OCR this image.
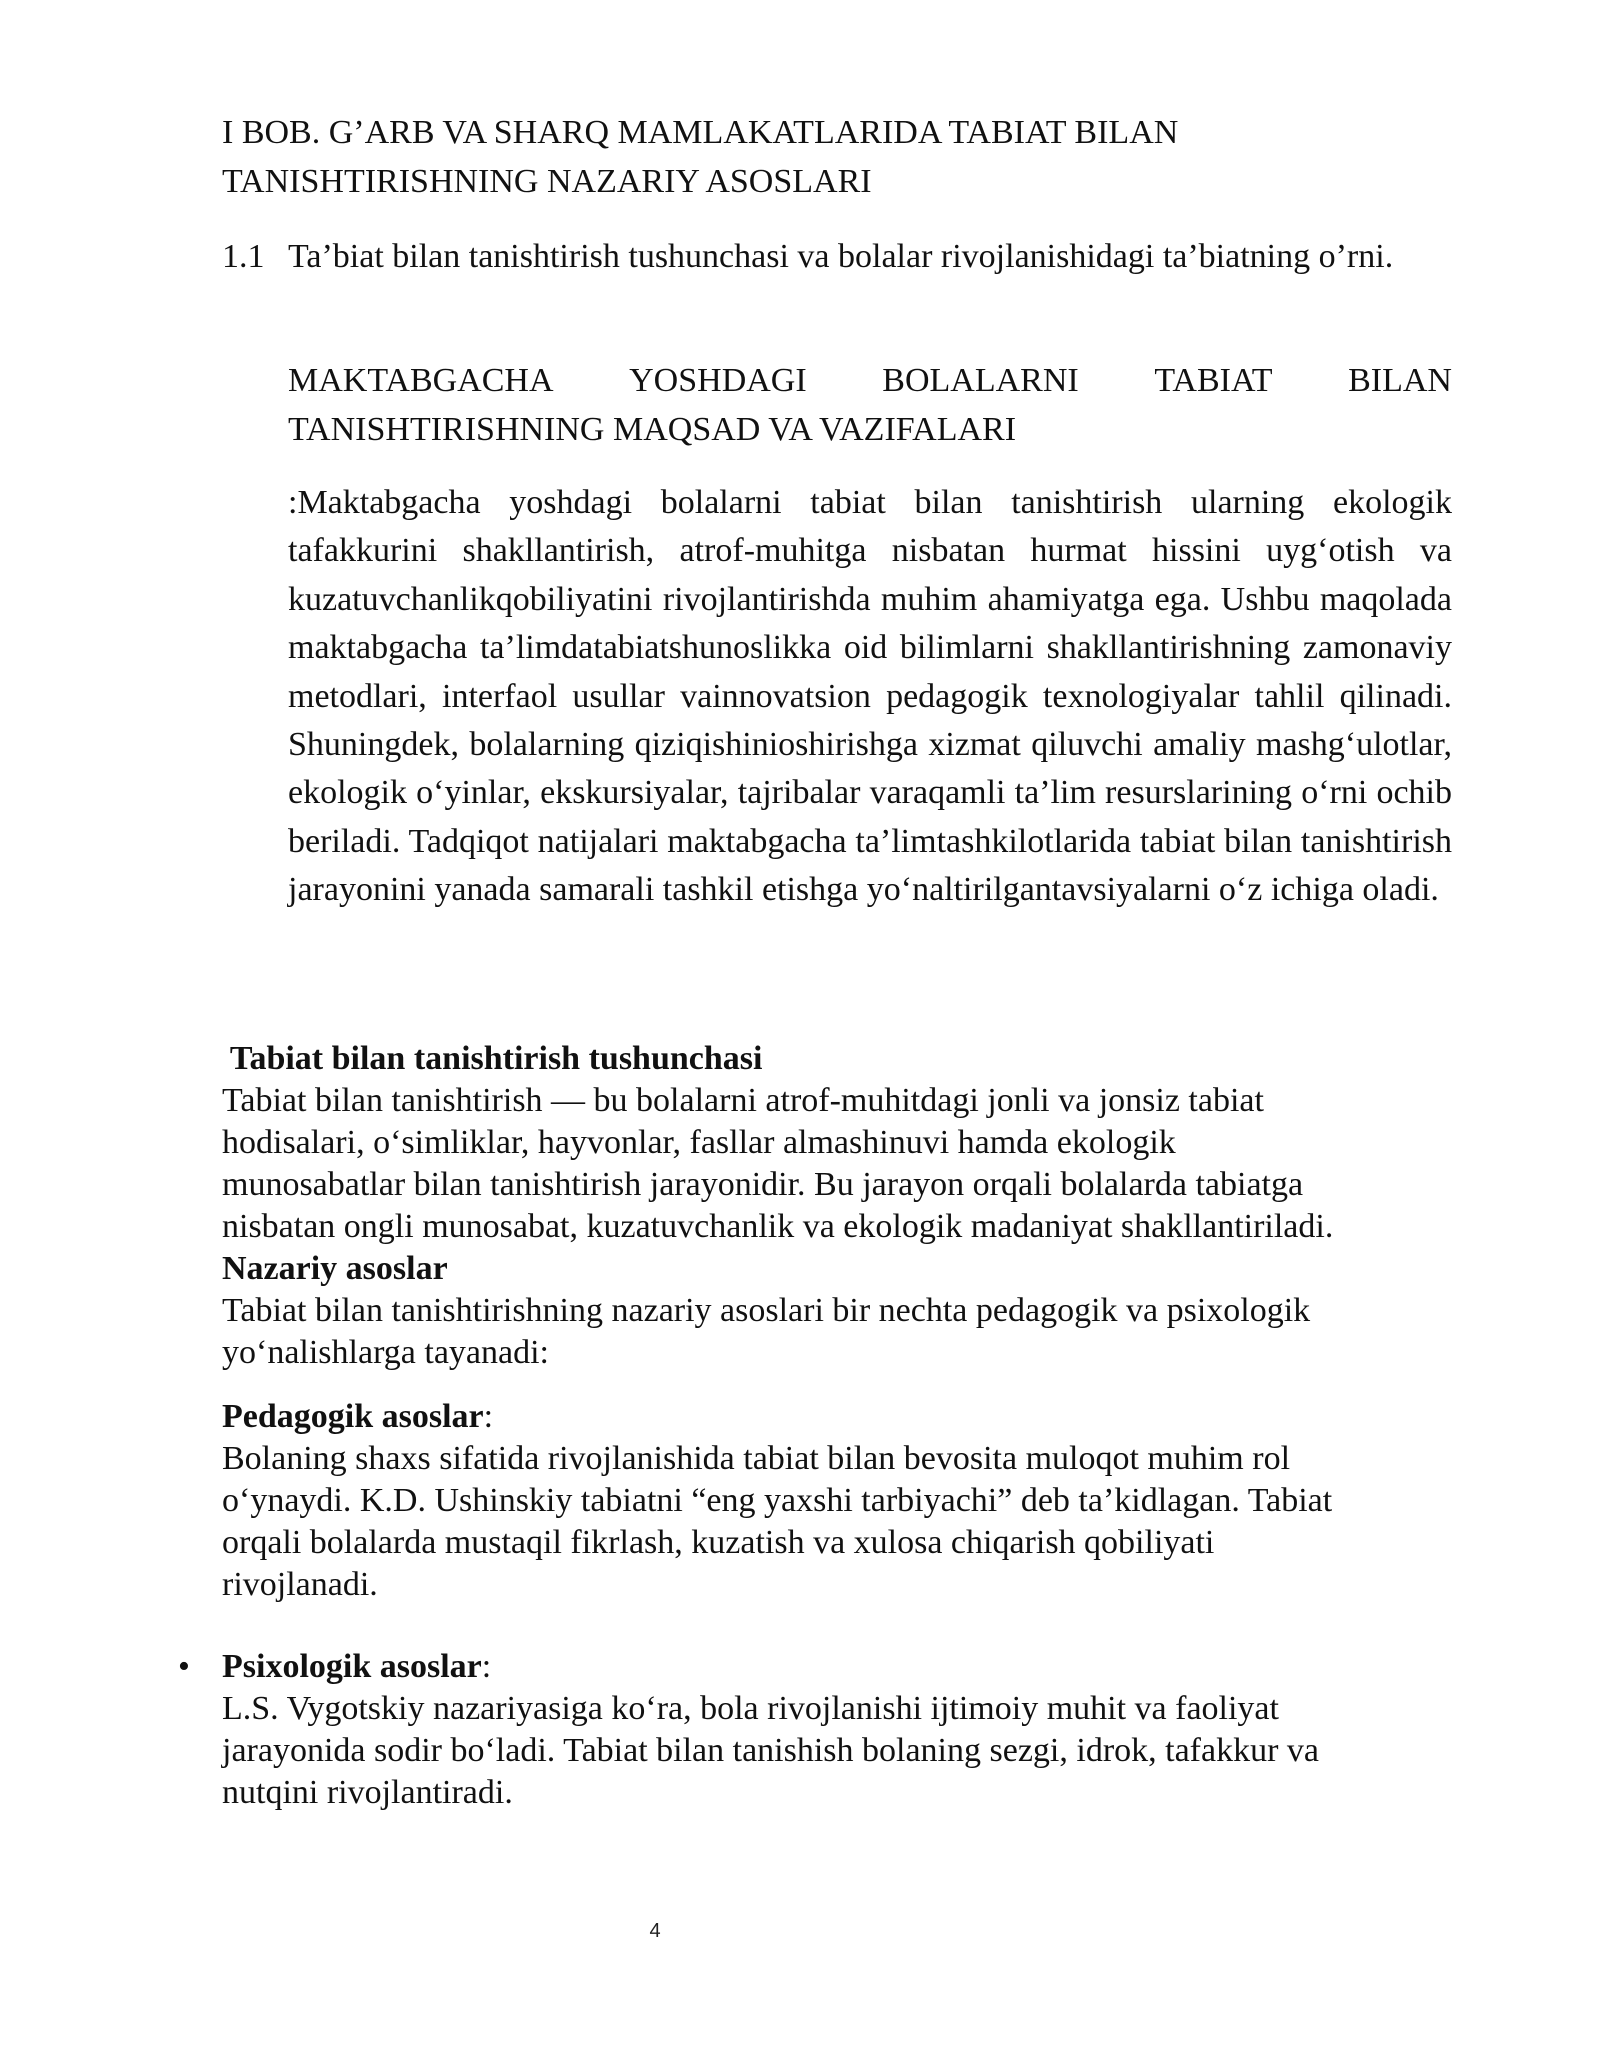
I BOB. G’ARB VA SHARQ MAMLAKATLARIDA TABIAT BILAN
TANISHTIRISHNING NAZARIY ASOSLARI
1.1 Ta’biat bilan tanishtirish tushunchasi va bolalar rivojlanishidagi ta’biatning o’rni.
MAKTABGACHA YOSHDAGI BOLALARNI TABIAT BILAN
TANISHTIRISHNING MAQSAD VA VAZIFALARI

:Maktabgacha yoshdagi bolalarni tabiat bilan tanishtirish ularning ekologik tafakkurini shakllantirish, atrof-muhitga nisbatan hurmat hissini uyg‘otish va kuzatuvchanlikqobiliyatini rivojlantirishda muhim ahamiyatga ega. Ushbu maqolada maktabgacha ta’limdatabiatshunoslikka oid bilimlarni shakllantirishning zamonaviy metodlari, interfaol usullar vainnovatsion pedagogik texnologiyalar tahlil qilinadi. Shuningdek, bolalarning qiziqishinioshirishga xizmat qiluvchi amaliy mashg‘ulotlar, ekologik o‘yinlar, ekskursiyalar, tajribalar varaqamli ta’lim resurslarining o‘rni ochib beriladi. Tadqiqot natijalari maktabgacha ta’limtashkilotlarida tabiat bilan tanishtirish jarayonini yanada samarali tashkil etishga yo‘naltirilgantavsiyalarni o‘z ichiga oladi.

Tabiat bilan tanishtirish tushunchasi
Tabiat bilan tanishtirish — bu bolalarni atrof-muhitdagi jonli va jonsiz tabiat
hodisalari, o‘simliklar, hayvonlar, fasllar almashinuvi hamda ekologik
munosabatlar bilan tanishtirish jarayonidir. Bu jarayon orqali bolalarda tabiatga
nisbatan ongli munosabat, kuzatuvchanlik va ekologik madaniyat shakllantiriladi.
Nazariy asoslar
Tabiat bilan tanishtirishning nazariy asoslari bir nechta pedagogik va psixologik
yo‘nalishlarga tayanadi:
Pedagogik asoslar:
Bolaning shaxs sifatida rivojlanishida tabiat bilan bevosita muloqot muhim rol
o‘ynaydi. K.D. Ushinskiy tabiatni “eng yaxshi tarbiyachi” deb ta’kidlagan. Tabiat
orqali bolalarda mustaqil fikrlash, kuzatish va xulosa chiqarish qobiliyati
rivojlanadi.
• Psixologik asoslar:
L.S. Vygotskiy nazariyasiga ko‘ra, bola rivojlanishi ijtimoiy muhit va faoliyat
jarayonida sodir bo‘ladi. Tabiat bilan tanishish bolaning sezgi, idrok, tafakkur va
nutqini rivojlantiradi.
4
